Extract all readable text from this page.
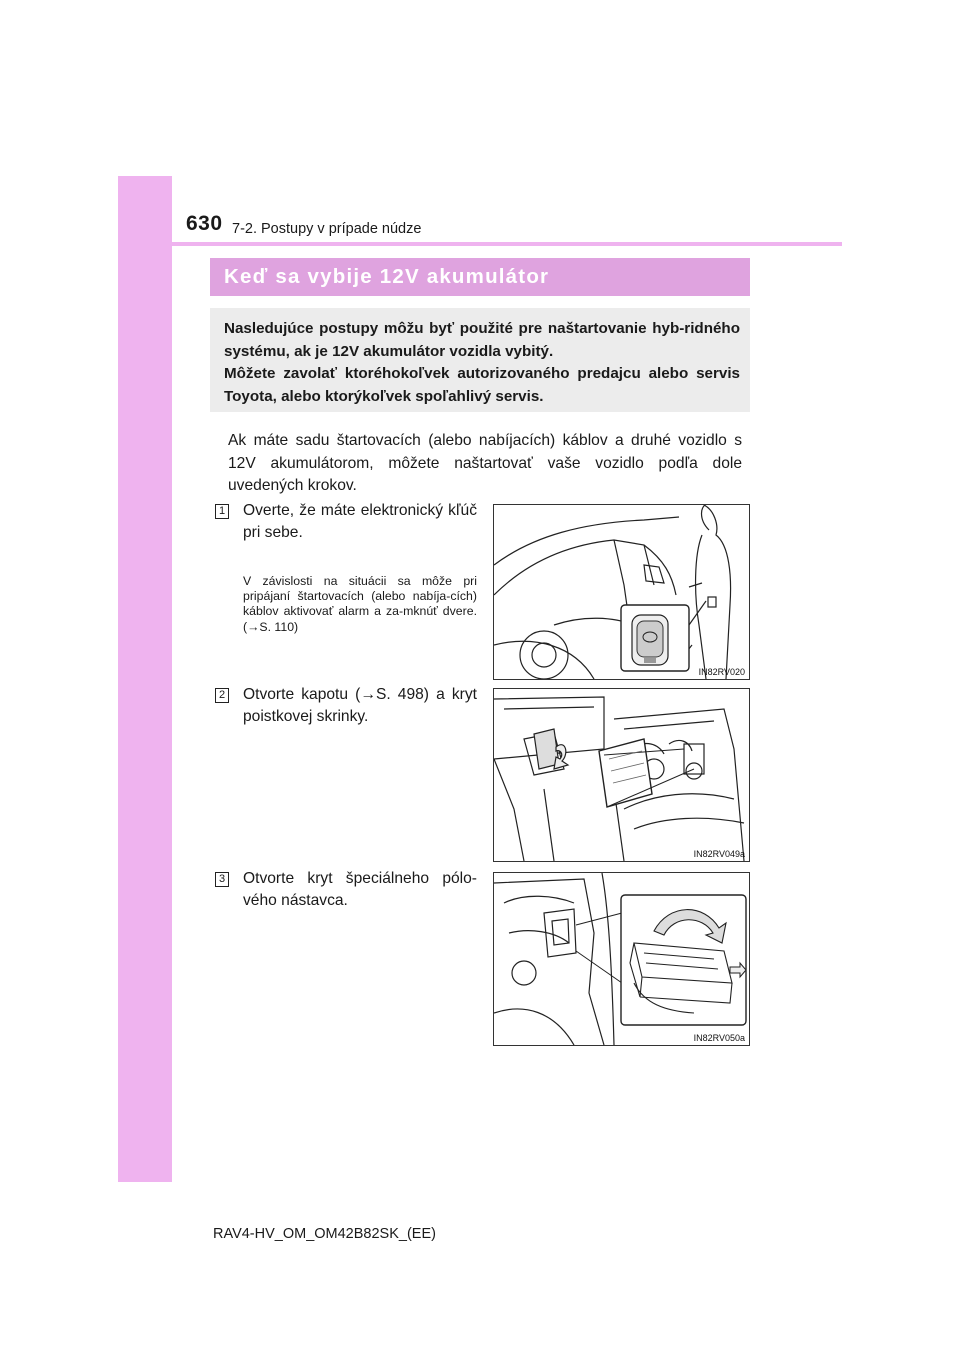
630 7-2. Postupy v prípade núdze
Keď sa vybije 12V akumulátor

Nasledujúce postupy môžu byť použité pre naštartovanie hyb-ridného systému, ak je 12V akumulátor vozidla vybitý.

Môžete zavolať ktoréhokoľvek autorizovaného predajcu alebo servis Toyota, alebo ktorýkoľvek spoľahlivý servis.

Ak máte sadu štartovacích (alebo nabíjacích) káblov a druhé vozidlo s 12V akumulátorom, môžete naštartovať vaše vozidlo podľa dole uvedených krokov.

1 Overte, že máte elektronický kľúč pri sebe.

V závislosti na situácii sa môže pri pripájaní štartovacích (alebo nabíja-cích) káblov aktivovať alarm a za-mknúť dvere. (→S. 110)

IN82RV020
2 Otvorte kapotu (→S. 498) a kryt poistkovej skrinky.

IN82RV049a
3 Otvorte kryt špeciálneho pólo-vého nástavca.

IN82RV050a
RAV4-HV_OM_OM42B82SK_(EE)
